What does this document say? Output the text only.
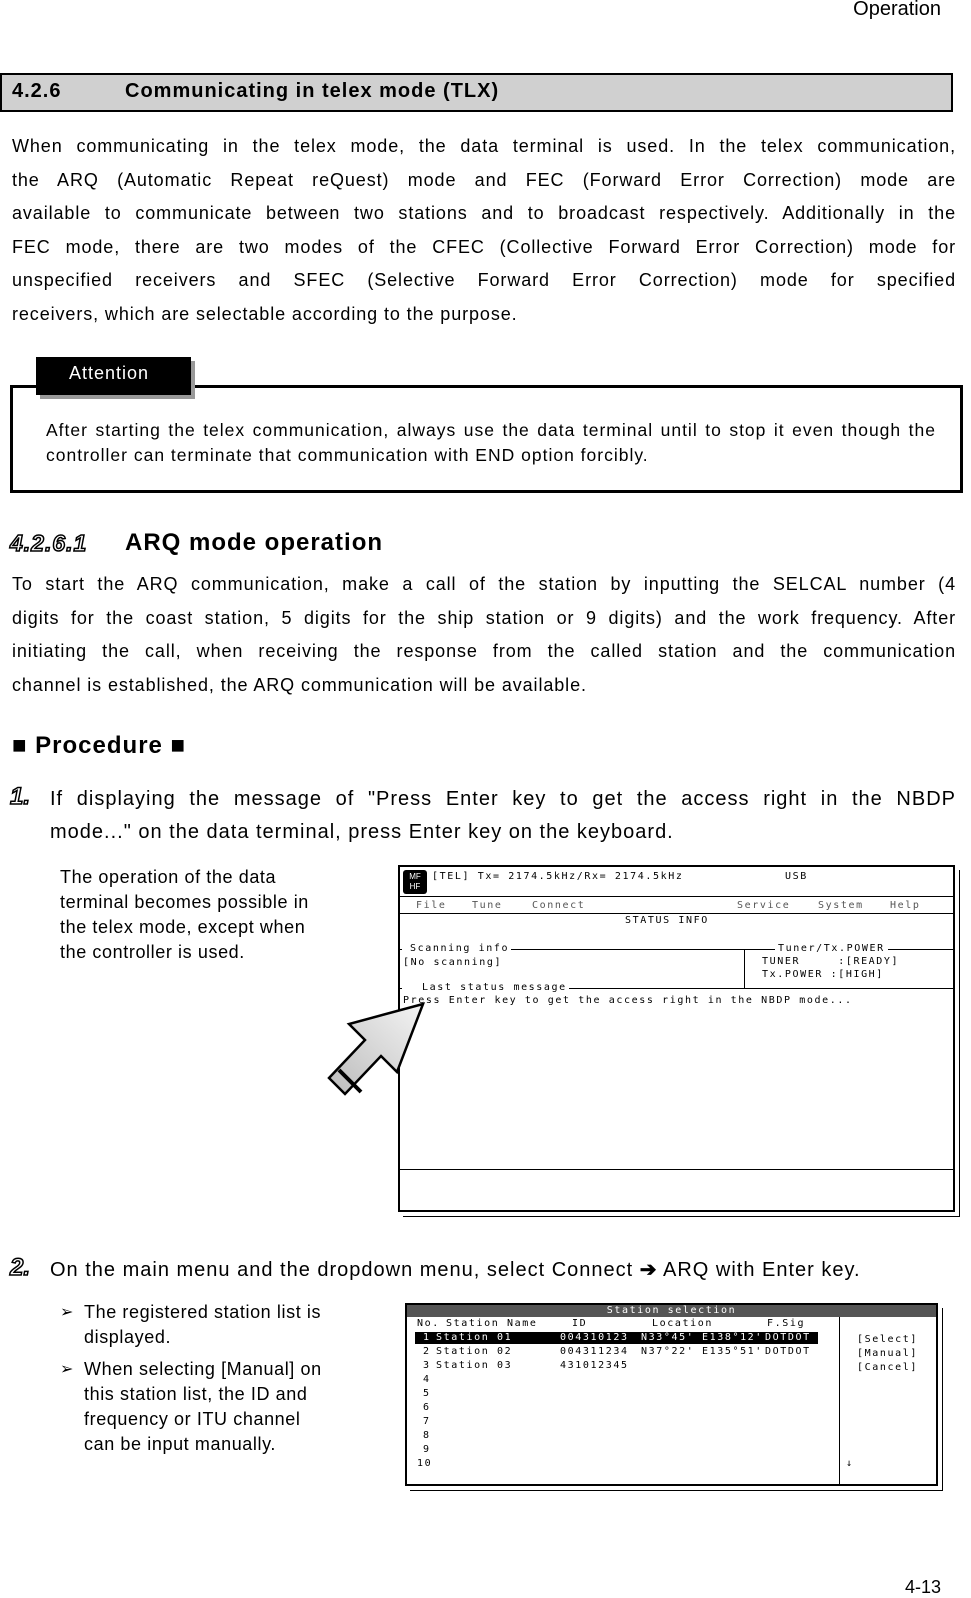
Operation
4.2.6	Communicating in telex mode (TLX)
When communicating in the telex mode, the data terminal is used. In the telex communication,
the ARQ (Automatic Repeat reQuest) mode and FEC (Forward Error Correction) mode are
available to communicate between two stations and to broadcast respectively. Additionally in the
FEC mode, there are two modes of the CFEC (Collective Forward Error Correction) mode for
unspecified receivers and SFEC (Selective Forward Error Correction) mode for specified
receivers, which are selectable according to the purpose.
Attention
After starting the telex communication, always use the data terminal until to stop it even though the controller can terminate that communication with END option forcibly.
4.2.6.1 ARQ mode operation
To start the ARQ communication, make a call of the station by inputting the SELCAL number (4
digits for the coast station, 5 digits for the ship station or 9 digits) and the work frequency. After
initiating the call, when receiving the response from the called station and the communication
channel is established, the ARQ communication will be available.
■ Procedure ■
1. If displaying the message of "Press Enter key to get the access right in the NBDP
mode..." on the data terminal, press Enter key on the keyboard.
The operation of the data
terminal becomes possible in
the telex mode, except when
the controller is used.
MF
HF
[TEL] Tx= 2174.5kHz/Rx= 2174.5kHz	USB
File	Tune	Connect	Service	System	Help
STATUS INFO
Scanning info
[No scanning]
Tuner/Tx.POWER
TUNER     :[READY]
Tx.POWER :[HIGH]
Last status message
Press Enter key to get the access right in the NBDP mode...
2. On the main menu and the dropdown menu, select Connect ➔ ARQ with Enter key.
➢ The registered station list is
displayed.
➢ When selecting [Manual] on
this station list, the ID and
frequency or ITU channel
can be input manually.
Station selection
No. Station Name	ID	Location	F.Sig
1 Station 01	004310123 N33°45' E138°12' DOTDOT
2 Station 02	004311234 N37°22' E135°51' DOTDOT
3 Station 03	431012345
4
5
6
7
8
9
10
[Select]
[Manual]
[Cancel]
↓
4-13
